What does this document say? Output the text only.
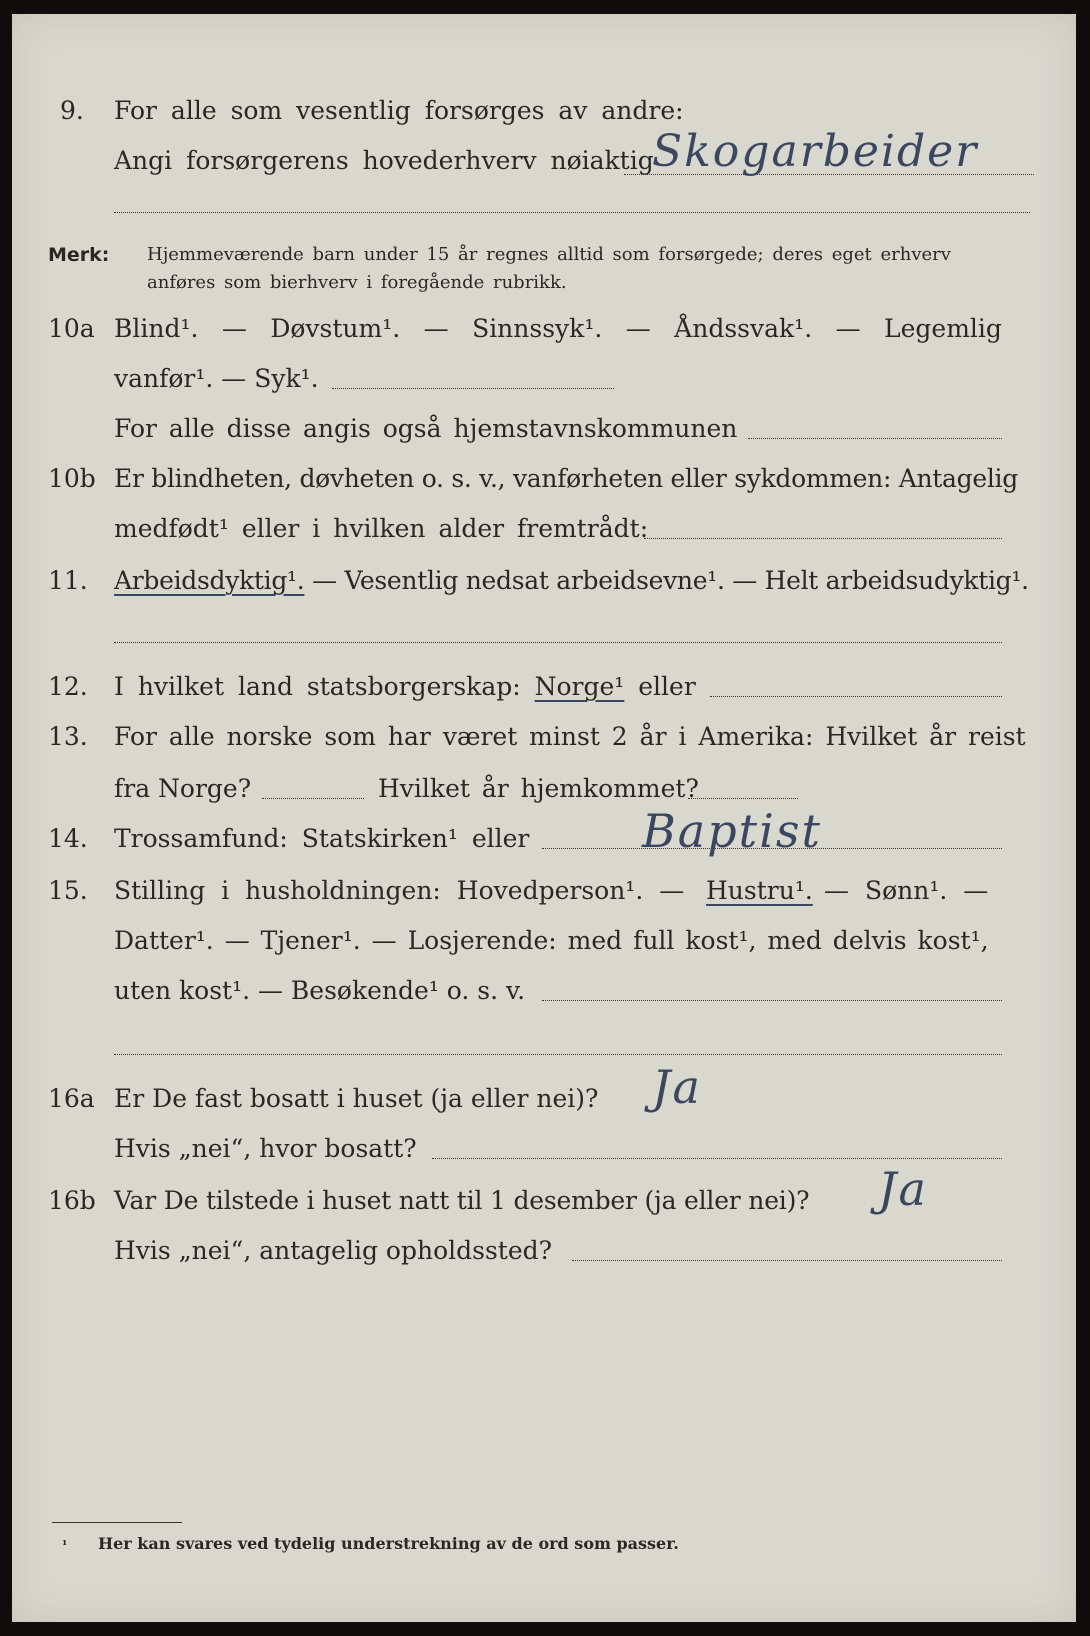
9. For alle som vesentlig forsørges av andre:
Angi forsørgerens hovederhverv nøiaktig
Skogarbeider
Merk: Hjemmeværende barn under 15 år regnes alltid som forsørgede; deres eget erhverv
anføres som bierhverv i foregående rubrikk.
10a Blind¹. — Døvstum¹. — Sinnssyk¹. — Åndssvak¹. — Legemlig
vanfør¹. — Syk¹.
For alle disse angis også hjemstavnskommunen
10b Er blindheten, døvheten o. s. v., vanførheten eller sykdommen: Antagelig
medfødt¹ eller i hvilken alder fremtrådt:
11. Arbeidsdyktig¹. — Vesentlig nedsat arbeidsevne¹. — Helt arbeidsudyktig¹.
12. I hvilket land statsborgerskap: Norge¹ eller
13. For alle norske som har været minst 2 år i Amerika: Hvilket år reist
fra Norge?	Hvilket år hjemkommet?
14. Trossamfund: Statskirken¹ eller Baptist
15. Stilling i husholdningen: Hovedperson¹. — Hustru¹. — Sønn¹. —
Datter¹. — Tjener¹. — Losjerende: med full kost¹, med delvis kost¹,
uten kost¹. — Besøkende¹ o. s. v.
16a Er De fast bosatt i huset (ja eller nei)? Ja
Hvis „nei“, hvor bosatt?
16b Var De tilstede i huset natt til 1 desember (ja eller nei)? Ja
Hvis „nei“, antagelig opholdssted?
¹ Her kan svares ved tydelig understrekning av de ord som passer.
